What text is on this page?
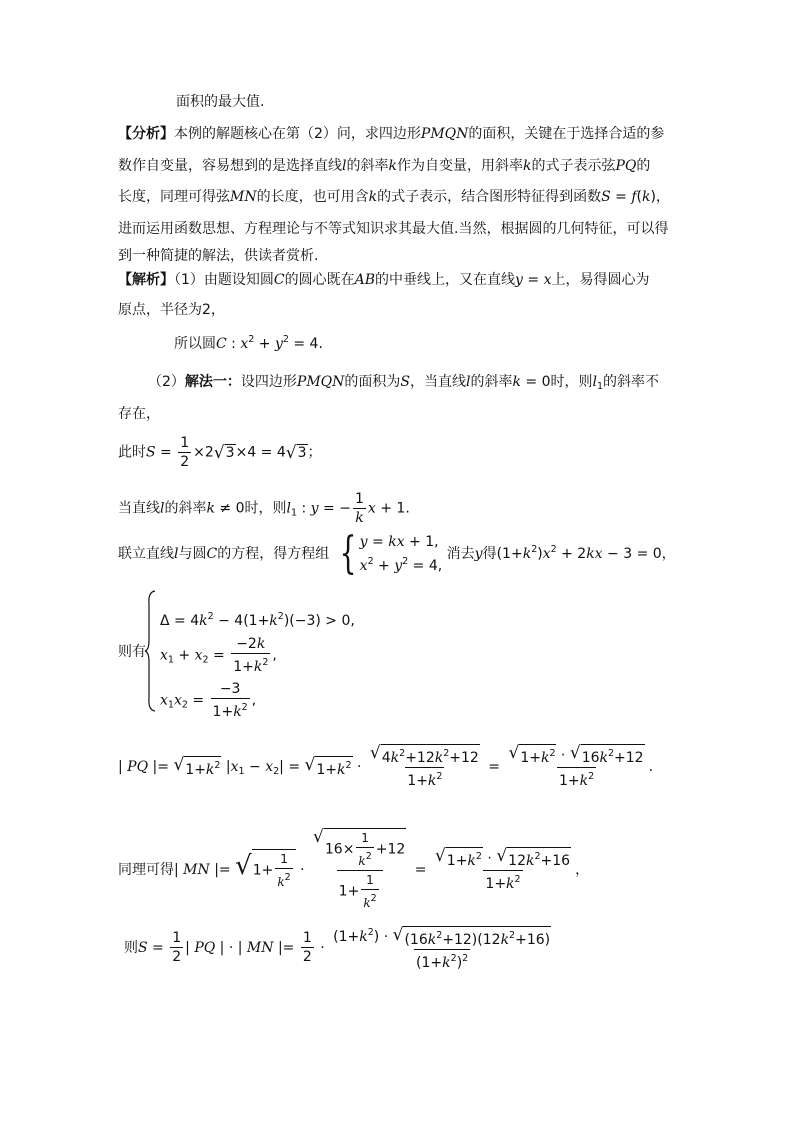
面积的最大值.
【分析】本例的解题核心在第（2）问，求四边形PMQN的面积，关键在于选择合适的参
数作自变量，容易想到的是选择直线l的斜率k作为自变量，用斜率k的式子表示弦PQ的
长度，同理可得弦MN的长度，也可用含k的式子表示，结合图形特征得到函数S = f(k)，
进而运用函数思想、方程理论与不等式知识求其最大值.当然，根据圆的几何特征，可以得
到一种简捷的解法，供读者赏析.
【解析】（1）由题设知圆C的圆心既在AB的中垂线上，又在直线y = x上，易得圆心为
原点，半径为2，
所以圆C : $x^2 + y^2 = 4$.
（2）解法一：设四边形PMQN的面积为S，当直线l的斜率k = 0时，则$l_1$的斜率不
存在，
此时$S = \frac{1}{2} \times 2$ √ 3 ×4 = 4 √ 3 ；
当直线l的斜率k ≠ 0时，则$l_1$ : y = − $\frac{1}{k}$ x + 1.
联立直线l与圆C的方程，得方程组 { y = kx + 1,
$x^2 + y^2 = 4$,
消去y得$(1+k^2)x^2 + 2kx - 3 = 0$，
则有
$\Delta = 4k^2 - 4(1+k^2)(-3) > 0$,
$x_1 + x_2 = \frac{-2k}{1+k^2}$ ,
$x_1x_2 = \frac{-3}{1+k^2}$ ,
| PQ |= √ $1+k^2$ $|x_1 - x_2|$ = √ $1+k^2 \cdot \frac{√ 4k^2+12k^2+12}{1+k^2} = \frac{√ 1+k^2 \cdot √ 16k^2+12}{1+k^2}$ .
同理可得| MN |= √ $1+ \frac{1}{k^2}$ · √
$16\times \frac{1}{k^2} +12$
$1+ \frac{1}{k^2} = \frac{√ 1+k^2 \cdot √ 12k^2+16}{1+k^2}$ ，
则$S = \frac{1}{2}$ | PQ | · | MN |= $\frac{1}{2} \cdot \frac{(1+k^2) \cdot √ (16k^2+12)(12k^2+16)}{(1+k^2)^2}$
